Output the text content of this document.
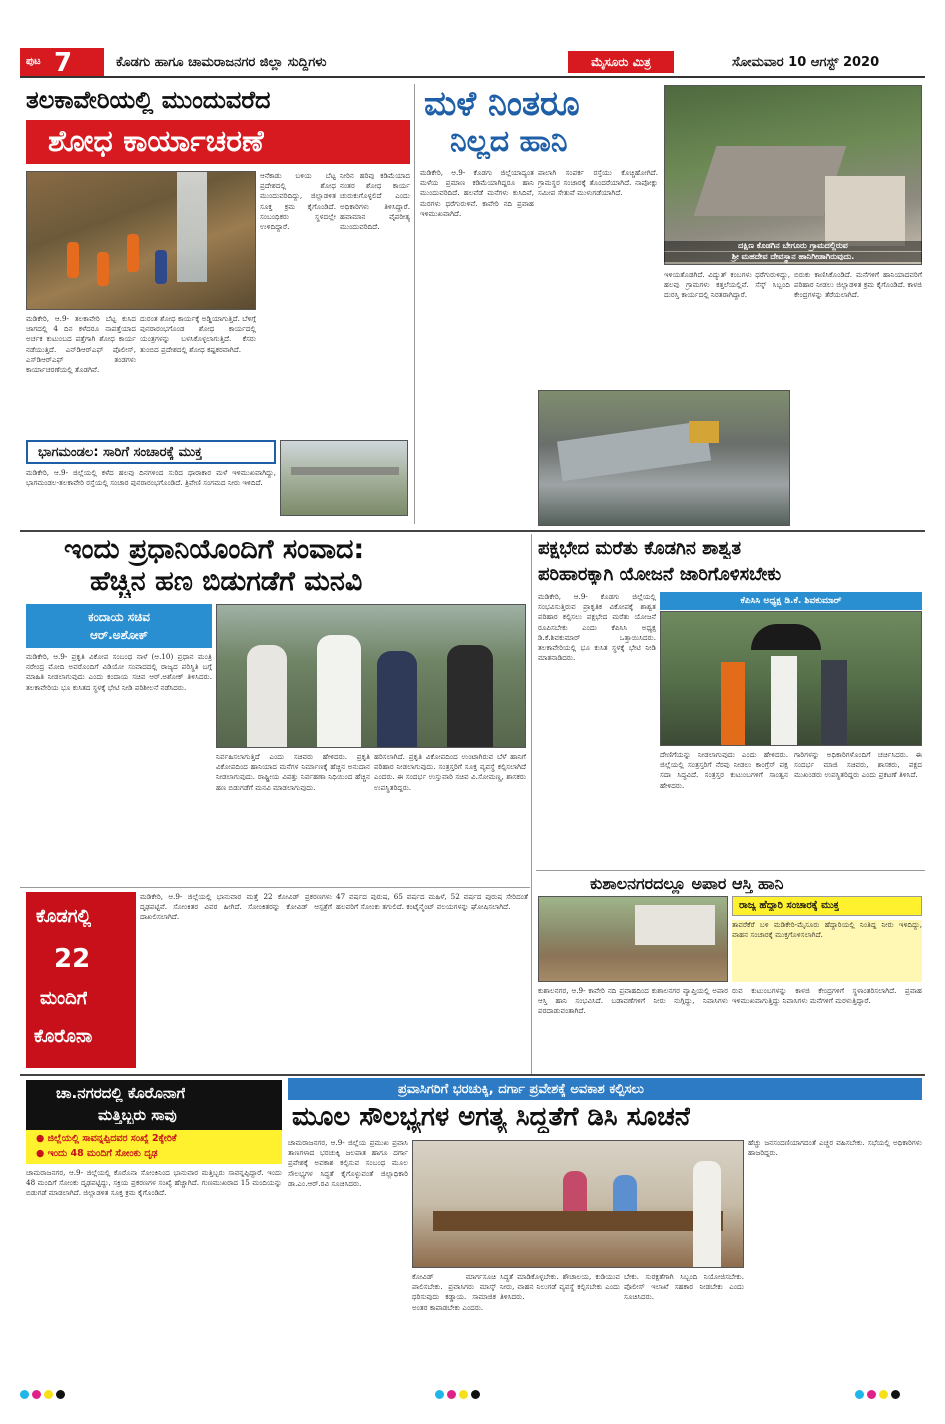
ಪುಟ 7	ಕೊಡಗು ಹಾಗೂ ಚಾಮರಾಜನಗರ ಜಿಲ್ಲಾ ಸುದ್ದಿಗಳು	ಮೈಸೂರು ಮಿತ್ರ	ಸೋಮವಾರ 10 ಆಗಸ್ಟ್ 2020
ತಲಕಾವೇರಿಯಲ್ಲಿ ಮುಂದುವರೆದ
ಶೋಧ ಕಾರ್ಯಾಚರಣೆ
ಮಡಿಕೇರಿ, ಆ.9- ತಲಕಾವೇರಿ ಬೆಟ್ಟ ಕುಸಿದ ಜಾಗದಲ್ಲಿ 4 ದಿನ ಕಳೆದರೂ ನಾಪತ್ತೆಯಾದ ಅರ್ಚಕ ಕುಟುಂಬದ ಪತ್ತೆಗಾಗಿ ಶೋಧ ಕಾರ್ಯ ನಡೆಯುತ್ತಿದೆ. ಎನ್‍ಡಿಆರ್‍ಎಫ್ ಪೊಲೀಸ್, ಎಸ್‍ಡಿಆರ್‍ಎಫ್ ತಂಡಗಳು ಕಾರ್ಯಾಚರಣೆಯಲ್ಲಿ ತೊಡಗಿವೆ.
ದುರಂತ ಶೋಧ ಕಾರ್ಯಕ್ಕೆ ಅಡ್ಡಿಯಾಗುತ್ತಿದೆ. ಬೆಳಿಗ್ಗೆ ಪುನರಾರಂಭಗೊಂಡ ಶೋಧ ಕಾರ್ಯದಲ್ಲಿ ಯಂತ್ರಗಳನ್ನು ಬಳಸಿಕೊಳ್ಳಲಾಗುತ್ತಿದೆ. ಕೆಸರು ತುಂಬಿದ ಪ್ರದೇಶದಲ್ಲಿ ಶೋಧ ಕಷ್ಟಕರವಾಗಿದೆ.
ಆನೆಕಾಡು ಬಳಿಯ ಬೆಟ್ಟ ಪ್ರದೇಶದಲ್ಲಿ ಶೋಧ ಮುಂದುವರಿದಿದ್ದು, ಜಿಲ್ಲಾಡಳಿತ ಸೂಕ್ತ ಕ್ರಮ ಕೈಗೊಂಡಿದೆ. ಸಂಬಂಧಿಕರು ಸ್ಥಳದಲ್ಲೇ ಉಳಿದಿದ್ದಾರೆ.
ನೀರಿನ ಹರಿವು ಕಡಿಮೆಯಾದ ನಂತರ ಶೋಧ ಕಾರ್ಯ ಚುರುಕುಗೊಳ್ಳಲಿದೆ ಎಂದು ಅಧಿಕಾರಿಗಳು ತಿಳಿಸಿದ್ದಾರೆ. ಹವಾಮಾನ ವೈಪರೀತ್ಯ ಮುಂದುವರಿದಿದೆ.
ಭಾಗಮಂಡಲ: ಸಾರಿಗೆ ಸಂಚಾರಕ್ಕೆ ಮುಕ್ತ
ಮಡಿಕೇರಿ, ಆ.9- ಜಿಲ್ಲೆಯಲ್ಲಿ ಕಳೆದ ಹಲವು ದಿನಗಳಿಂದ ಸುರಿದ ಧಾರಾಕಾರ ಮಳೆ ಇಳಿಮುಖವಾಗಿದ್ದು, ಭಾಗಮಂಡಲ-ತಲಕಾವೇರಿ ರಸ್ತೆಯಲ್ಲಿ ಸಂಚಾರ ಪುನರಾರಂಭಗೊಂಡಿದೆ. ತ್ರಿವೇಣಿ ಸಂಗಮದ ನೀರು ಇಳಿದಿದೆ.
ಮಳೆ ನಿಂತರೂ
ನಿಲ್ಲದ ಹಾನಿ
ದಕ್ಷಿಣ ಕೊಡಗಿನ ಬೇಗೂರು ಗ್ರಾಮದಲ್ಲಿರುವ
ಶ್ರೀ ಮಹದೇವ ದೇವಸ್ಥಾನ ಹಾನಿಗೀಡಾಗಿರುವುದು.
ಮಡಿಕೇರಿ, ಆ.9- ಕೊಡಗು ಜಿಲ್ಲೆಯಾದ್ಯಂತ ಮಳೆಯ ಪ್ರಮಾಣ ಕಡಿಮೆಯಾಗಿದ್ದರೂ ಹಾನಿ ಮುಂದುವರಿದಿದೆ. ಹಲವೆಡೆ ಮನೆಗಳು ಕುಸಿದಿವೆ, ಮರಗಳು ಧರೆಗುರುಳಿವೆ. ಕಾವೇರಿ ನದಿ ಪ್ರವಾಹ ಇಳಿಮುಖವಾಗಿದೆ.
ಪಾಲಾಗಿ ಸಂಪರ್ಕ ರಸ್ತೆಯು ಕೊಚ್ಚಿಹೋಗಿದೆ. ಗ್ರಾಮಸ್ಥರ ಸಂಚಾರಕ್ಕೆ ತೊಂದರೆಯಾಗಿದೆ. ನಾಪೋಕ್ಲು ಸಮೀಪ ಸೇತುವೆ ಮುಳುಗಡೆಯಾಗಿದೆ.
ಇಳಿಯತೊಡಗಿದೆ. ವಿದ್ಯುತ್ ಕಂಬಗಳು ಧರೆಗುರುಳಿದ್ದು, ಹಲವು ಗ್ರಾಮಗಳು ಕತ್ತಲೆಯಲ್ಲಿವೆ. ಸೆಸ್ಕ್ ಸಿಬ್ಬಂದಿ ದುರಸ್ತಿ ಕಾರ್ಯದಲ್ಲಿ ನಿರತರಾಗಿದ್ದಾರೆ.
ಬಿರುಕು ಕಾಣಿಸಿಕೊಂಡಿದೆ. ಮನೆಗಳಿಗೆ ಹಾನಿಯಾದವರಿಗೆ ಪರಿಹಾರ ನೀಡಲು ಜಿಲ್ಲಾಡಳಿತ ಕ್ರಮ ಕೈಗೊಂಡಿದೆ. ಕಾಳಜಿ ಕೇಂದ್ರಗಳನ್ನು ತೆರೆಯಲಾಗಿದೆ.
ಇಂದು ಪ್ರಧಾನಿಯೊಂದಿಗೆ ಸಂವಾದ:
ಹೆಚ್ಚಿನ ಹಣ ಬಿಡುಗಡೆಗೆ ಮನವಿ
ಕಂದಾಯ ಸಚಿವ
ಆರ್.ಅಶೋಕ್
ಮಡಿಕೇರಿ, ಆ.9- ಪ್ರಕೃತಿ ವಿಕೋಪ ಸಂಬಂಧ ನಾಳೆ (ಆ.10) ಪ್ರಧಾನ ಮಂತ್ರಿ ನರೇಂದ್ರ ಮೋದಿ ಅವರೊಂದಿಗೆ ವಿಡಿಯೋ ಸಂವಾದದಲ್ಲಿ ರಾಜ್ಯದ ಪರಿಸ್ಥಿತಿ ಬಗ್ಗೆ ಮಾಹಿತಿ ನೀಡಲಾಗುವುದು ಎಂದು ಕಂದಾಯ ಸಚಿವ ಆರ್.ಅಶೋಕ್ ತಿಳಿಸಿದರು. ತಲಕಾವೇರಿಯ ಭೂ ಕುಸಿತದ ಸ್ಥಳಕ್ಕೆ ಭೇಟಿ ನೀಡಿ ಪರಿಶೀಲನೆ ನಡೆಸಿದರು.
ನಿರ್ವಹಿಸಲಾಗುತ್ತಿದೆ ಎಂದು ಸಚಿವರು ಹೇಳಿದರು. ಪ್ರಕೃತಿ ವಿಕೋಪದಿಂದ ಹಾನಿಯಾದ ಮನೆಗಳ ನಿರ್ಮಾಣಕ್ಕೆ ಹೆಚ್ಚಿನ ಅನುದಾನ ನೀಡಲಾಗುವುದು. ರಾಷ್ಟ್ರೀಯ ವಿಪತ್ತು ನಿರ್ವಹಣಾ ನಿಧಿಯಿಂದ ಹೆಚ್ಚಿನ ಹಣ ಬಿಡುಗಡೆಗೆ ಮನವಿ ಮಾಡಲಾಗುವುದು.
ಹರಿಸಲಾಗಿದೆ. ಪ್ರಕೃತಿ ವಿಕೋಪದಿಂದ ಉಂಟಾಗಿರುವ ಬೆಳೆ ಹಾನಿಗೆ ಪರಿಹಾರ ನೀಡಲಾಗುವುದು. ಸಂತ್ರಸ್ತರಿಗೆ ಸೂಕ್ತ ವ್ಯವಸ್ಥೆ ಕಲ್ಪಿಸಲಾಗಿದೆ ಎಂದರು. ಈ ಸಂದರ್ಭ ಉಸ್ತುವಾರಿ ಸಚಿವ ವಿ.ಸೋಮಣ್ಣ, ಶಾಸಕರು ಉಪಸ್ಥಿತರಿದ್ದರು.
ಪಕ್ಷಭೇದ ಮರೆತು ಕೊಡಗಿನ ಶಾಶ್ವತ
ಪರಿಹಾರಕ್ಕಾಗಿ ಯೋಜನೆ ಜಾರಿಗೊಳಿಸಬೇಕು
ಕೆಪಿಸಿಸಿ ಅಧ್ಯಕ್ಷ ಡಿ.ಕೆ. ಶಿವಕುಮಾರ್
ಮಡಿಕೇರಿ, ಆ.9- ಕೊಡಗು ಜಿಲ್ಲೆಯಲ್ಲಿ ಸಂಭವಿಸುತ್ತಿರುವ ಪ್ರಾಕೃತಿಕ ವಿಕೋಪಕ್ಕೆ ಶಾಶ್ವತ ಪರಿಹಾರ ಕಲ್ಪಿಸಲು ಪಕ್ಷಭೇದ ಮರೆತು ಯೋಜನೆ ರೂಪಿಸಬೇಕು ಎಂದು ಕೆಪಿಸಿಸಿ ಅಧ್ಯಕ್ಷ ಡಿ.ಕೆ.ಶಿವಕುಮಾರ್ ಒತ್ತಾಯಿಸಿದರು. ತಲಕಾವೇರಿಯಲ್ಲಿ ಭೂ ಕುಸಿತ ಸ್ಥಳಕ್ಕೆ ಭೇಟಿ ನೀಡಿ ಮಾತನಾಡಿದರು.
ದೇಣಿಗೆಯನ್ನು ನೀಡಲಾಗುವುದು ಎಂದು ಹೇಳಿದರು. ಜಿಲ್ಲೆಯಲ್ಲಿ ಸಂತ್ರಸ್ತರಿಗೆ ನೆರವು ನೀಡಲು ಕಾಂಗ್ರೆಸ್ ಪಕ್ಷ ಸದಾ ಸಿದ್ಧವಿದೆ. ಸಂತ್ರಸ್ತರ ಕುಟುಂಬಗಳಿಗೆ ಸಾಂತ್ವನ ಹೇಳಿದರು.
ಗಾರಿಗಳನ್ನು ಅಧಿಕಾರಿಗಳೊಂದಿಗೆ ಚರ್ಚಿಸಿದರು. ಈ ಸಂದರ್ಭ ಮಾಜಿ ಸಚಿವರು, ಶಾಸಕರು, ಪಕ್ಷದ ಮುಖಂಡರು ಉಪಸ್ಥಿತರಿದ್ದರು ಎಂದು ಪ್ರಕಟಣೆ ತಿಳಿಸಿದೆ.
ಕುಶಾಲನಗರದಲ್ಲೂ ಅಪಾರ ಆಸ್ತಿ ಹಾನಿ
ರಾಜ್ಯ ಹೆದ್ದಾರಿ ಸಂಚಾರಕ್ಕೆ ಮುಕ್ತ
ತಾವರೆಕೆರೆ ಬಳಿ ಮಡಿಕೇರಿ-ಮೈಸೂರು ಹೆದ್ದಾರಿಯಲ್ಲಿ ನಿಂತಿದ್ದ ನೀರು ಇಳಿದಿದ್ದು, ವಾಹನ ಸಂಚಾರಕ್ಕೆ ಮುಕ್ತಗೊಳಿಸಲಾಗಿದೆ.
ಕುಶಾಲನಗರ, ಆ.9- ಕಾವೇರಿ ನದಿ ಪ್ರವಾಹದಿಂದ ಕುಶಾಲನಗರ ವ್ಯಾಪ್ತಿಯಲ್ಲಿ ಅಪಾರ ಆಸ್ತಿ ಹಾನಿ ಸಂಭವಿಸಿದೆ. ಬಡಾವಣೆಗಳಿಗೆ ನೀರು ನುಗ್ಗಿದ್ದು, ನಿವಾಸಿಗಳು ಪರದಾಡುವಂತಾಗಿದೆ.
ರುವ ಕುಟುಂಬಗಳನ್ನು ಕಾಳಜಿ ಕೇಂದ್ರಗಳಿಗೆ ಸ್ಥಳಾಂತರಿಸಲಾಗಿದೆ. ಪ್ರವಾಹ ಇಳಿಮುಖವಾಗುತ್ತಿದ್ದು ನಿವಾಸಿಗಳು ಮನೆಗಳಿಗೆ ಮರಳುತ್ತಿದ್ದಾರೆ.
ಕೊಡಗಲ್ಲಿ
22
ಮಂದಿಗೆ
ಕೊರೊನಾ
ಮಡಿಕೇರಿ, ಆ.9- ಜಿಲ್ಲೆಯಲ್ಲಿ ಭಾನುವಾರ ಮತ್ತೆ 22 ಕೋವಿಡ್ ಪ್ರಕರಣಗಳು ದೃಢಪಟ್ಟಿವೆ. ಸೋಂಕಿತರ ವಿವರ ಹೀಗಿದೆ. ಸೋಂಕಿತರನ್ನು ಕೋವಿಡ್ ಆಸ್ಪತ್ರೆಗೆ ದಾಖಲಿಸಲಾಗಿದೆ.
47 ವರ್ಷದ ಪುರುಷ, 65 ವರ್ಷದ ಮಹಿಳೆ, 52 ವರ್ಷದ ಪುರುಷ ಸೇರಿದಂತೆ ಹಲವರಿಗೆ ಸೋಂಕು ತಗುಲಿದೆ. ಕಂಟೈನ್ಮೆಂಟ್ ವಲಯಗಳನ್ನು ಘೋಷಿಸಲಾಗಿದೆ.
ಚಾ.ನಗರದಲ್ಲಿ ಕೊರೊನಾಗೆ
ಮತ್ತಿಬ್ಬರು ಸಾವು
● ಜಿಲ್ಲೆಯಲ್ಲಿ ಸಾವನ್ನಪ್ಪಿದವರ ಸಂಖ್ಯೆ 2ಕ್ಕೇರಿಕೆ
● ಇಂದು 48 ಮಂದಿಗೆ ಸೋಂಕು ದೃಢ
ಚಾಮರಾಜನಗರ, ಆ.9- ಜಿಲ್ಲೆಯಲ್ಲಿ ಕೊರೊನಾ ಸೋಂಕಿನಿಂದ ಭಾನುವಾರ ಮತ್ತಿಬ್ಬರು ಸಾವನ್ನಪ್ಪಿದ್ದಾರೆ. ಇಂದು 48 ಮಂದಿಗೆ ಸೋಂಕು ದೃಢಪಟ್ಟಿದ್ದು, ಸಕ್ರಿಯ ಪ್ರಕರಣಗಳ ಸಂಖ್ಯೆ ಹೆಚ್ಚಾಗಿದೆ. ಗುಣಮುಖರಾದ 15 ಮಂದಿಯನ್ನು ಬಿಡುಗಡೆ ಮಾಡಲಾಗಿದೆ. ಜಿಲ್ಲಾಡಳಿತ ಸೂಕ್ತ ಕ್ರಮ ಕೈಗೊಂಡಿದೆ.
ಪ್ರವಾಸಿಗರಿಗೆ ಭರಚುಕ್ಕಿ, ದರ್ಗಾ ಪ್ರವೇಶಕ್ಕೆ ಅವಕಾಶ ಕಲ್ಪಿಸಲು
ಮೂಲ ಸೌಲಭ್ಯಗಳ ಅಗತ್ಯ ಸಿದ್ಧತೆಗೆ ಡಿಸಿ ಸೂಚನೆ
ಚಾಮರಾಜನಗರ, ಆ.9- ಜಿಲ್ಲೆಯ ಪ್ರಮುಖ ಪ್ರವಾಸಿ ತಾಣಗಳಾದ ಭರಚುಕ್ಕಿ ಜಲಪಾತ ಹಾಗೂ ದರ್ಗಾ ಪ್ರವೇಶಕ್ಕೆ ಅವಕಾಶ ಕಲ್ಪಿಸುವ ಸಂಬಂಧ ಮೂಲ ಸೌಲಭ್ಯಗಳ ಸಿದ್ಧತೆ ಕೈಗೊಳ್ಳುವಂತೆ ಜಿಲ್ಲಾಧಿಕಾರಿ ಡಾ.ಎಂ.ಆರ್.ರವಿ ಸೂಚಿಸಿದರು.
ಕೋವಿಡ್ ಮಾರ್ಗಸೂಚಿ ಪಾಲಿಸಬೇಕು. ಪ್ರವಾಸಿಗರು ಮಾಸ್ಕ್ ಧರಿಸುವುದು ಕಡ್ಡಾಯ. ಸಾಮಾಜಿಕ ಅಂತರ ಕಾಪಾಡಬೇಕು ಎಂದರು.
ಸಿದ್ಧತೆ ಮಾಡಿಕೊಳ್ಳಬೇಕು. ಶೌಚಾಲಯ, ಕುಡಿಯುವ ನೀರು, ವಾಹನ ನಿಲುಗಡೆ ವ್ಯವಸ್ಥೆ ಕಲ್ಪಿಸಬೇಕು ಎಂದು ತಿಳಿಸಿದರು.
ಬೇಕು. ಸುರಕ್ಷತೆಗಾಗಿ ಸಿಬ್ಬಂದಿ ನಿಯೋಜಿಸಬೇಕು. ಪೊಲೀಸ್ ಇಲಾಖೆ ಸಹಕಾರ ನೀಡಬೇಕು ಎಂದು ಸೂಚಿಸಿದರು.
ಹೆಚ್ಚು ಜನಸಂದಣಿಯಾಗದಂತೆ ಎಚ್ಚರ ವಹಿಸಬೇಕು. ಸಭೆಯಲ್ಲಿ ಅಧಿಕಾರಿಗಳು ಹಾಜರಿದ್ದರು.
